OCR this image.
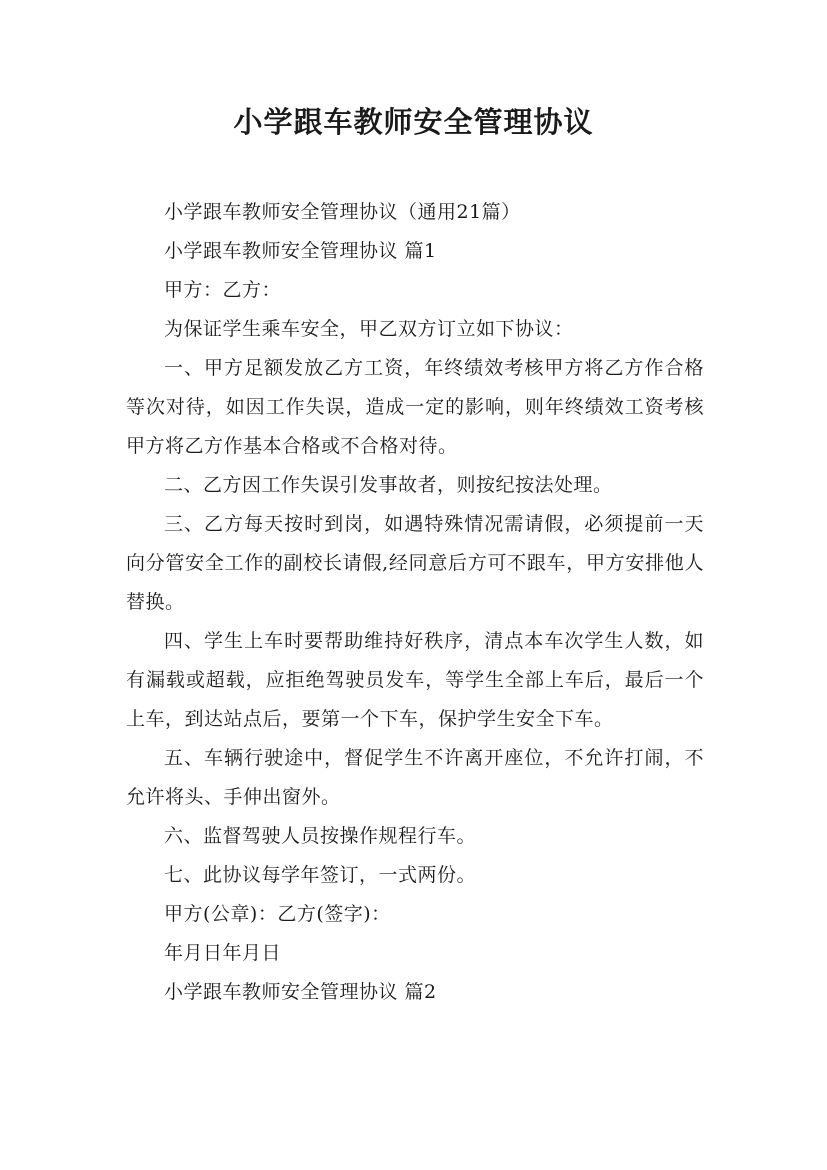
小学跟车教师安全管理协议

小学跟车教师安全管理协议（通用21篇）

小学跟车教师安全管理协议 篇1

甲方：乙方：

为保证学生乘车安全，甲乙双方订立如下协议：

一、甲方足额发放乙方工资，年终绩效考核甲方将乙方作合格等次对待，如因工作失误，造成一定的影响，则年终绩效工资考核甲方将乙方作基本合格或不合格对待。

二、乙方因工作失误引发事故者，则按纪按法处理。

三、乙方每天按时到岗，如遇特殊情况需请假，必须提前一天向分管安全工作的副校长请假,经同意后方可不跟车，甲方安排他人替换。

四、学生上车时要帮助维持好秩序，清点本车次学生人数，如有漏载或超载，应拒绝驾驶员发车，等学生全部上车后，最后一个上车，到达站点后，要第一个下车，保护学生安全下车。

五、车辆行驶途中，督促学生不许离开座位，不允许打闹，不允许将头、手伸出窗外。

六、监督驾驶人员按操作规程行车。

七、此协议每学年签订，一式两份。

甲方(公章)：乙方(签字)：

年月日年月日

小学跟车教师安全管理协议 篇2
